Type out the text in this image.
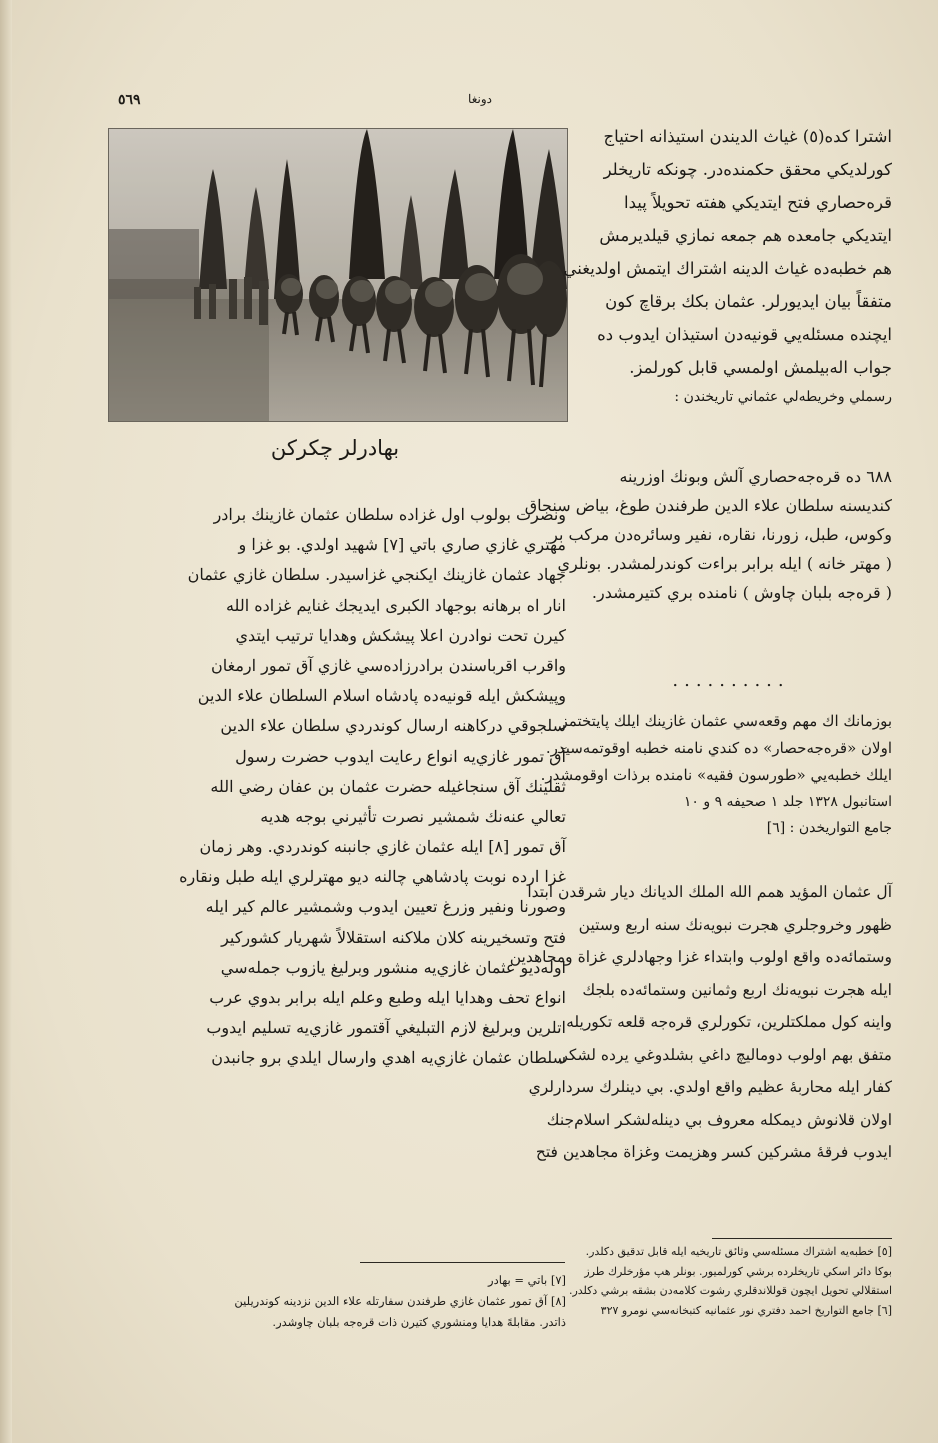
٥٦٩	دونغا
بهادرلر چکرکن

اشترا كده(٥) غياث الديندن استيذانه احتياج

كورلديكي محقق حكمنده‌در. چونكه تاريخلر

قره‌حصاري فتح ايتديكي هفته تحويلاً پيدا

ايتديكي جامعده هم جمعه نمازي قيلديرمش

هم خطبه‌ده غياث الدينه اشتراك ايتمش اولديغني

متفقاً بيان ايديورلر. عثمان بكك برقاچ كون

ايچنده مسئله‌يي قونيه‌دن استيذان ايدوب ده

جواب اله‌بيلمش اولمسي قابل كورلمز.

رسملي وخريطه‌لي عثماني تاريخندن :

٦٨٨ ده قره‌جه‌حصاري آلش وبونك اوزرينه

كنديسنه سلطان علاء الدين طرفندن طوغ، بياض سنجاق

وكوس، طبل، زورنا، نقاره، نفير وسائره‌دن مركب بر

( مهتر خانه ) ايله برابر براءت كوندرلمشدر. بونلري

( قره‌جه بلبان چاوش ) نامنده بري كتيرمشدر.

..........

بوزمانك اك مهم وقعه‌سي عثمان غازينك ايلك پايتختمز

اولان «قره‌جه‌حصار» ده كندي نامنه خطبه اوقوتمه‌سيدر.

ايلك خطبه‌يي «طورسون فقيه» نامنده برذات اوقومشدر.

استانبول ١٣٢٨ جلد ١ صحيفه ٩ و ١٠

جامع التواريخدن : [٦]

آل عثمان المؤيد همم الله الملك الديانك ديار شرقدن ابتدا

ظهور وخروجلري هجرت نبويه‌نك سنه اربع وستين

وستمائه‌ده واقع اولوب وابتداء غزا وجهادلري غزاة ومجاهدين

ايله هجرت نبويه‌نك اربع وثمانين وستمائه‌ده بلجك

واينه كول مملكتلرين، تكورلري قره‌جه قلعه تكوريله

متفق بهم اولوب دومالیچ داغي بشلدوغي يرده لشكر

كفار ايله محاربهٔ عظيم واقع اولدي. بي دينلرك سردارلري

اولان قلانوش ديمكله معروف بي دينله‌لشكر اسلام‌جنك

ايدوب فرقهٔ مشركين كسر وهزيمت وغزاة مجاهدين فتح

ونصرت بولوب اول غزاده سلطان عثمان غازينك برادر

مهتري غازي صاري باتي [٧] شهيد اولدي. بو غزا و

جهاد عثمان غازينك ايكنجي غزاسيدر. سلطان غازي عثمان

انار اه برهانه بوجهاد الكبرى ايديجك غنايم غزاده الله

كيرن تحت نوادرن اعلا پيشكش وهدايا ترتيب ايتدي

واقرب اقرباسندن برادرزاده‌سي غازي آق تمور ارمغان

وپيشكش ايله قونيه‌ده پادشاه اسلام السلطان علاء الدين

سلجوقي دركاهنه ارسال كوندردي سلطان علاء الدين

آق تمور غازي‌يه انواع رعايت ايدوب حضرت رسول

ثقلينك آق سنجاغيله حضرت عثمان بن عفان رضي الله

تعالي عنه‌نك شمشير نصرت تأثيرني بوجه هديه

آق تمور [٨] ايله عثمان غازي جانبنه كوندردي. وهر زمان

غزا ارده نوبت پادشاهي چالنه ديو مهترلري ايله طبل ونقاره

وصورنا ونفير وزرغ تعيين ايدوب وشمشير عالم كير ايله

فتح وتسخيرينه كلان ملاكنه استقلالاً شهريار كشوركير

اوله‌ديو عثمان غازي‌يه منشور وبرليغ يازوب جمله‌سي

انواع تحف وهدايا ايله وطبع وعلم ايله برابر بدوي عرب

اتلرين وبرليغ لازم التبليغي آقتمور غازي‌يه تسليم ايدوب

سلطان عثمان غازي‌يه اهدي وارسال ايلدي برو جانبدن

[٧] باتي = بهادر

[٨] آق تمور عثمان غازي طرفندن سفارتله علاء الدين نزدينه كوندريلين

ذاتدر. مقابله‌ً هدايا ومنشوري كتيرن ذات قره‌جه بلبان چاوشدر.

[٥] خطبه‌يه اشتراك مسئله‌سي وثائق تاريخيه ايله قابل تدقيق دكلدر.

بوكا دائر اسكي تاريخلرده برشي كورلميور. بونلر هپ مؤرخلرك طرز

استقلالي تحويل ايچون قوللاندقلري رشوت كلامه‌دن بشقه برشي دكلدر.

[٦] جامع التواريخ احمد دفتري نور عثمانيه كتبخانه‌سي نومرو ٣٢٧
